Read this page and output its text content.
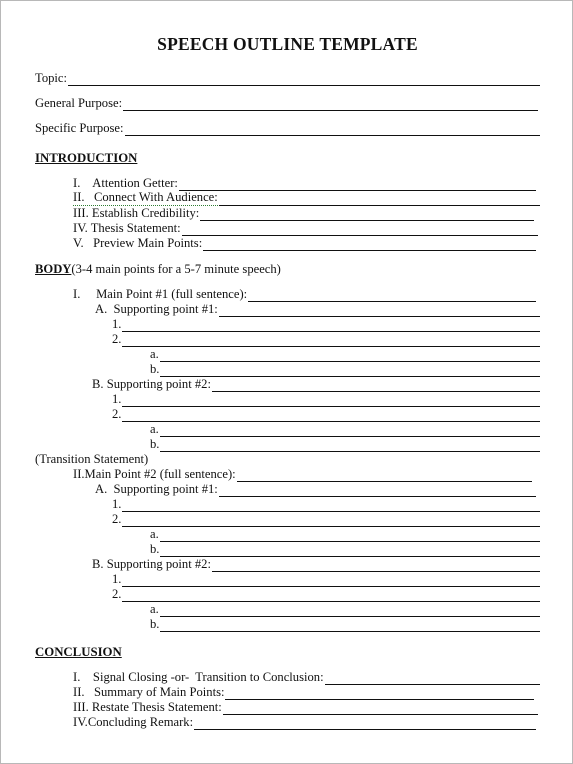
SPEECH OUTLINE TEMPLATE
Topic:
General Purpose:
Specific Purpose:
INTRODUCTION
I.    Attention Getter:
II.   Connect With Audience:
III. Establish Credibility:
IV. Thesis Statement:
V.   Preview Main Points:
BODY(3-4 main points for a 5-7 minute speech)
I.     Main Point #1 (full sentence):
A.  Supporting point #1:
1.
2.
a.
b.
B. Supporting point #2:
1.
2.
a.
b.
(Transition Statement)
II.Main Point #2 (full sentence):
A.  Supporting point #1:
1.
2.
a.
b.
B. Supporting point #2:
1.
2.
a.
b.
CONCLUSION
I.    Signal Closing -or-  Transition to Conclusion:
II.   Summary of Main Points:
III. Restate Thesis Statement:
IV.Concluding Remark:
